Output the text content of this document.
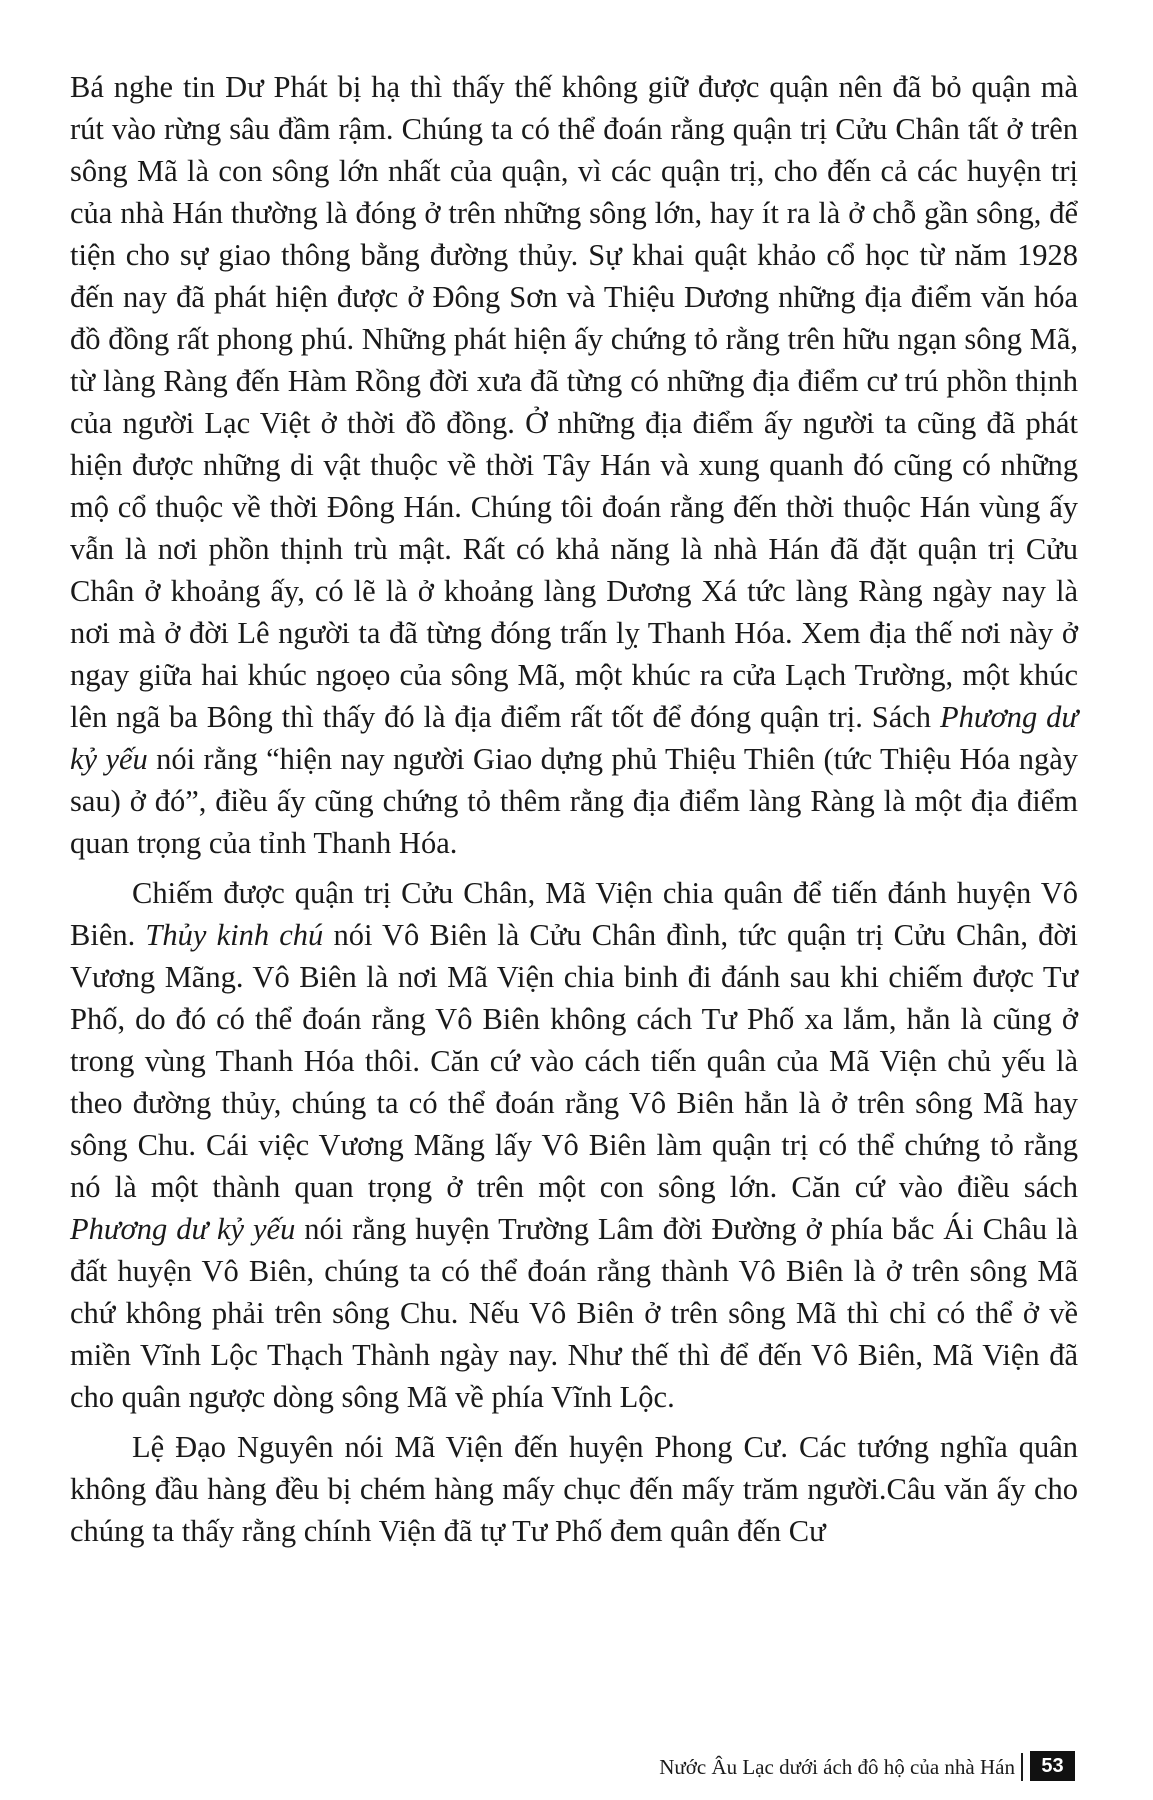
Bá nghe tin Dư Phát bị hạ thì thấy thế không giữ được quận nên đã bỏ quận mà rút vào rừng sâu đầm rậm. Chúng ta có thể đoán rằng quận trị Cửu Chân tất ở trên sông Mã là con sông lớn nhất của quận, vì các quận trị, cho đến cả các huyện trị của nhà Hán thường là đóng ở trên những sông lớn, hay ít ra là ở chỗ gần sông, để tiện cho sự giao thông bằng đường thủy. Sự khai quật khảo cổ học từ năm 1928 đến nay đã phát hiện được ở Đông Sơn và Thiệu Dương những địa điểm văn hóa đồ đồng rất phong phú. Những phát hiện ấy chứng tỏ rằng trên hữu ngạn sông Mã, từ làng Ràng đến Hàm Rồng đời xưa đã từng có những địa điểm cư trú phồn thịnh của người Lạc Việt ở thời đồ đồng. Ở những địa điểm ấy người ta cũng đã phát hiện được những di vật thuộc về thời Tây Hán và xung quanh đó cũng có những mộ cổ thuộc về thời Đông Hán. Chúng tôi đoán rằng đến thời thuộc Hán vùng ấy vẫn là nơi phồn thịnh trù mật. Rất có khả năng là nhà Hán đã đặt quận trị Cửu Chân ở khoảng ấy, có lẽ là ở khoảng làng Dương Xá tức làng Ràng ngày nay là nơi mà ở đời Lê người ta đã từng đóng trấn lỵ Thanh Hóa. Xem địa thế nơi này ở ngay giữa hai khúc ngoẹo của sông Mã, một khúc ra cửa Lạch Trường, một khúc lên ngã ba Bông thì thấy đó là địa điểm rất tốt để đóng quận trị. Sách Phương dư kỷ yếu nói rằng “hiện nay người Giao dựng phủ Thiệu Thiên (tức Thiệu Hóa ngày sau) ở đó”, điều ấy cũng chứng tỏ thêm rằng địa điểm làng Ràng là một địa điểm quan trọng của tỉnh Thanh Hóa.

Chiếm được quận trị Cửu Chân, Mã Viện chia quân để tiến đánh huyện Vô Biên. Thủy kinh chú nói Vô Biên là Cửu Chân đình, tức quận trị Cửu Chân, đời Vương Mãng. Vô Biên là nơi Mã Viện chia binh đi đánh sau khi chiếm được Tư Phố, do đó có thể đoán rằng Vô Biên không cách Tư Phố xa lắm, hẳn là cũng ở trong vùng Thanh Hóa thôi. Căn cứ vào cách tiến quân của Mã Viện chủ yếu là theo đường thủy, chúng ta có thể đoán rằng Vô Biên hẳn là ở trên sông Mã hay sông Chu. Cái việc Vương Mãng lấy Vô Biên làm quận trị có thể chứng tỏ rằng nó là một thành quan trọng ở trên một con sông lớn. Căn cứ vào điều sách Phương dư kỷ yếu nói rằng huyện Trường Lâm đời Đường ở phía bắc Ái Châu là đất huyện Vô Biên, chúng ta có thể đoán rằng thành Vô Biên là ở trên sông Mã chứ không phải trên sông Chu. Nếu Vô Biên ở trên sông Mã thì chỉ có thể ở về miền Vĩnh Lộc Thạch Thành ngày nay. Như thế thì để đến Vô Biên, Mã Viện đã cho quân ngược dòng sông Mã về phía Vĩnh Lộc.

Lệ Đạo Nguyên nói Mã Viện đến huyện Phong Cư. Các tướng nghĩa quân không đầu hàng đều bị chém hàng mấy chục đến mấy trăm người.Câu văn ấy cho chúng ta thấy rằng chính Viện đã tự Tư Phố đem quân đến Cư

Nước Âu Lạc dưới ách đô hộ của nhà Hán	53
